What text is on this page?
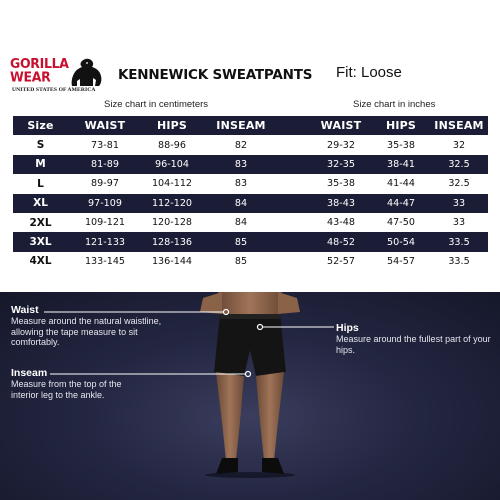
GORILLA
WEAR
UNITED STATES OF AMERICA
KENNEWICK SWEATPANTS Fit: Loose
Size chart in centimeters	Size chart in inches
Size	WAIST	HIPS	INSEAM	WAIST	HIPS	INSEAM
S	73-81	88-96	82	29-32	35-38	32
M	81-89	96-104	83	32-35	38-41	32.5
L	89-97	104-112	83	35-38	41-44	32.5
XL	97-109	112-120	84	38-43	44-47	33
2XL	109-121	120-128	84	43-48	47-50	33
3XL	121-133	128-136	85	48-52	50-54	33.5
4XL	133-145	136-144	85	52-57	54-57	33.5
Waist
Measure around the natural waistline, allowing the tape measure to sit comfortably.
Hips
Measure around the fullest part of your hips.
Inseam
Measure from the top of the interior leg to the ankle.
